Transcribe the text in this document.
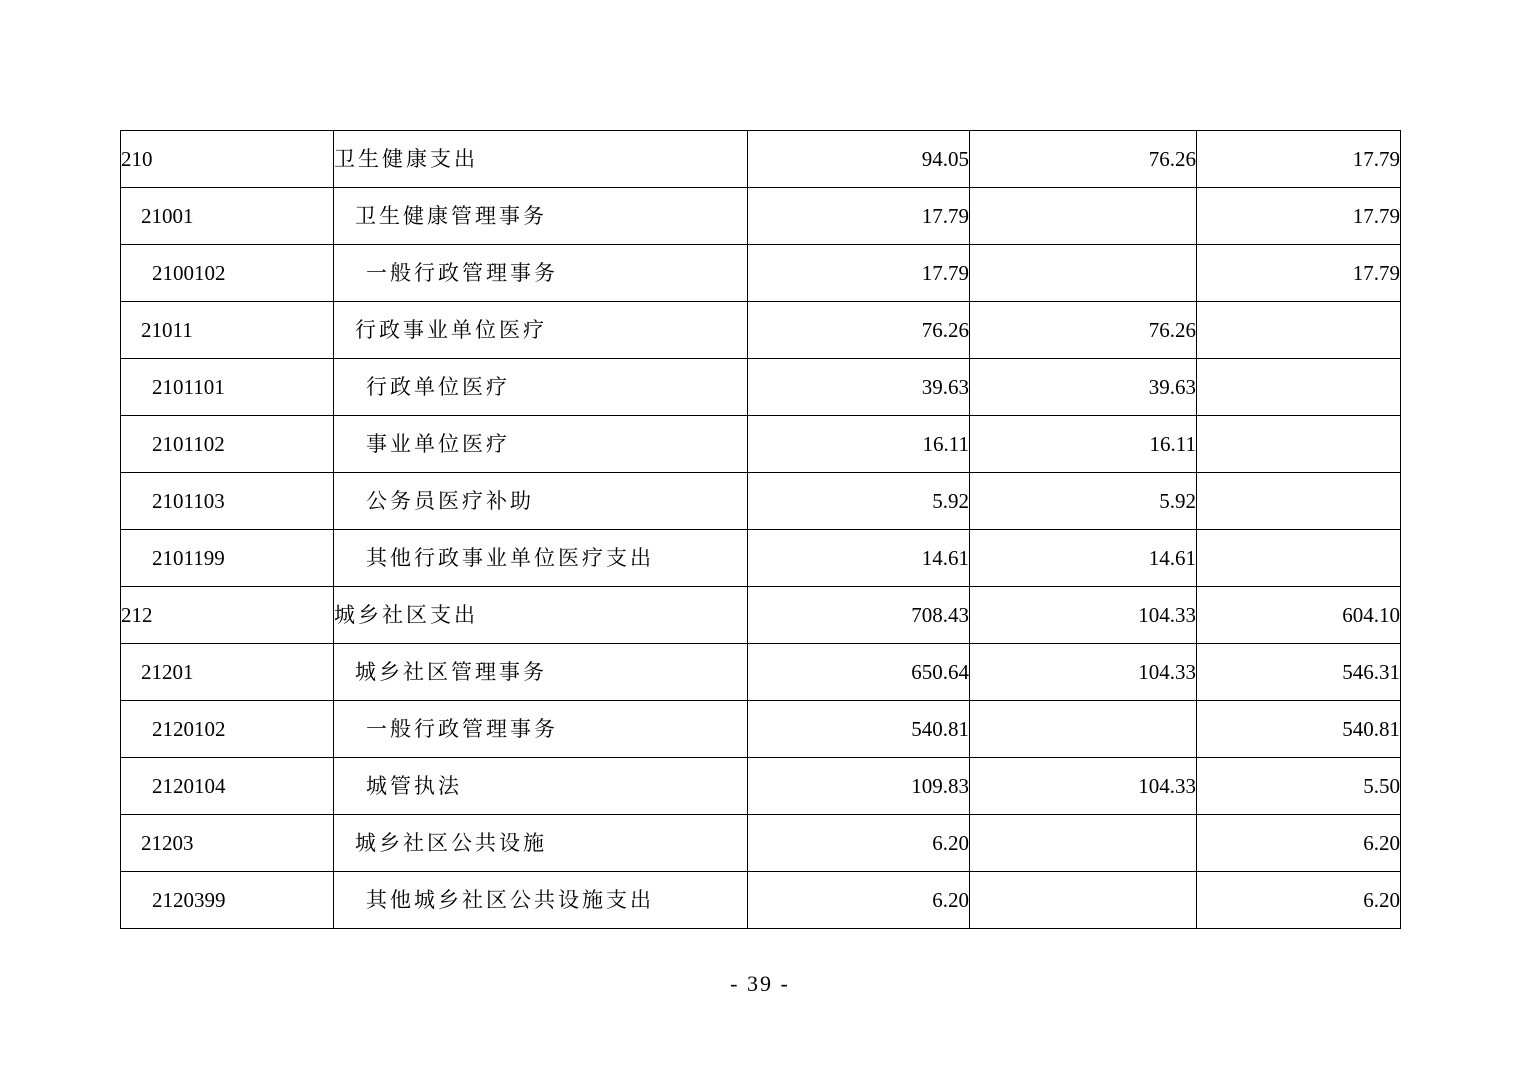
210	卫生健康支出	94.05	76.26	17.79
21001	卫生健康管理事务	17.79		17.79
2100102	一般行政管理事务	17.79		17.79
21011	行政事业单位医疗	76.26	76.26	
2101101	行政单位医疗	39.63	39.63	
2101102	事业单位医疗	16.11	16.11	
2101103	公务员医疗补助	5.92	5.92	
2101199	其他行政事业单位医疗支出	14.61	14.61	
212	城乡社区支出	708.43	104.33	604.10
21201	城乡社区管理事务	650.64	104.33	546.31
2120102	一般行政管理事务	540.81		540.81
2120104	城管执法	109.83	104.33	5.50
21203	城乡社区公共设施	6.20		6.20
2120399	其他城乡社区公共设施支出	6.20		6.20
- 39 -
